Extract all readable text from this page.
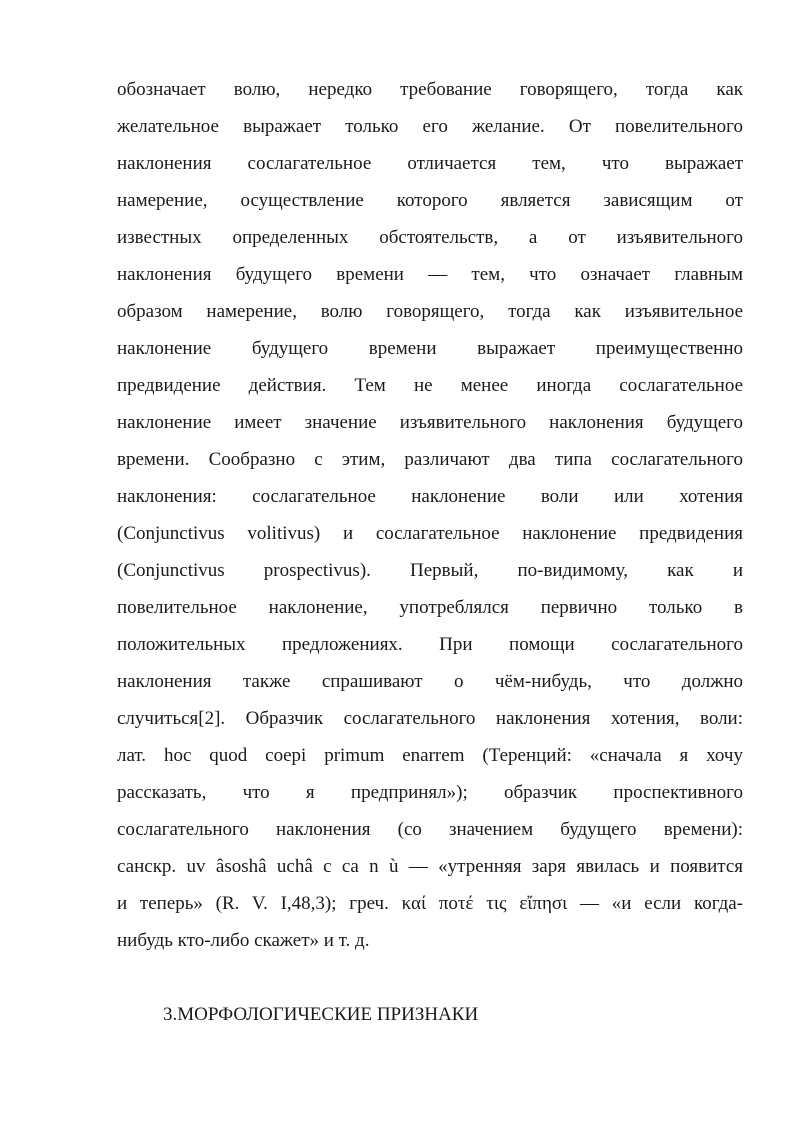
обозначает волю, нередко требование говорящего, тогда как
желательное выражает только его желание. От повелительного
наклонения сослагательное отличается тем, что выражает
намерение, осуществление которого является зависящим от
известных определенных обстоятельств, а от изъявительного
наклонения будущего времени — тем, что означает главным
образом намерение, волю говорящего, тогда как изъявительное
наклонение будущего времени выражает преимущественно
предвидение действия. Тем не менее иногда сослагательное
наклонение имеет значение изъявительного наклонения будущего
времени. Сообразно с этим, различают два типа сослагательного
наклонения: сослагательное наклонение воли или хотения
(Conjunctivus volitivus) и сослагательное наклонение предвидения
(Conjunctivus prospectivus). Первый, по-видимому, как и
повелительное наклонение, употреблялся первично только в
положительных предложениях. При помощи сослагательного
наклонения также спрашивают о чём-нибудь, что должно
случиться[2]. Образчик сослагательного наклонения хотения, воли:
лат. hoc quod coepi primum enarrem (Теренций: «сначала я хочу
рассказать, что я предпринял»); образчик проспективного
сослагательного наклонения (со значением будущего времени):
санскр. uv âsoshâ uchâ c ca n ù — «утренняя заря явилась и появится
и теперь» (R. V. I,48,3); греч. καί ποτέ τις εἴπησι — «и если когда-
нибудь кто-либо скажет» и т. д.
3.МОРФОЛОГИЧЕСКИЕ ПРИЗНАКИ
